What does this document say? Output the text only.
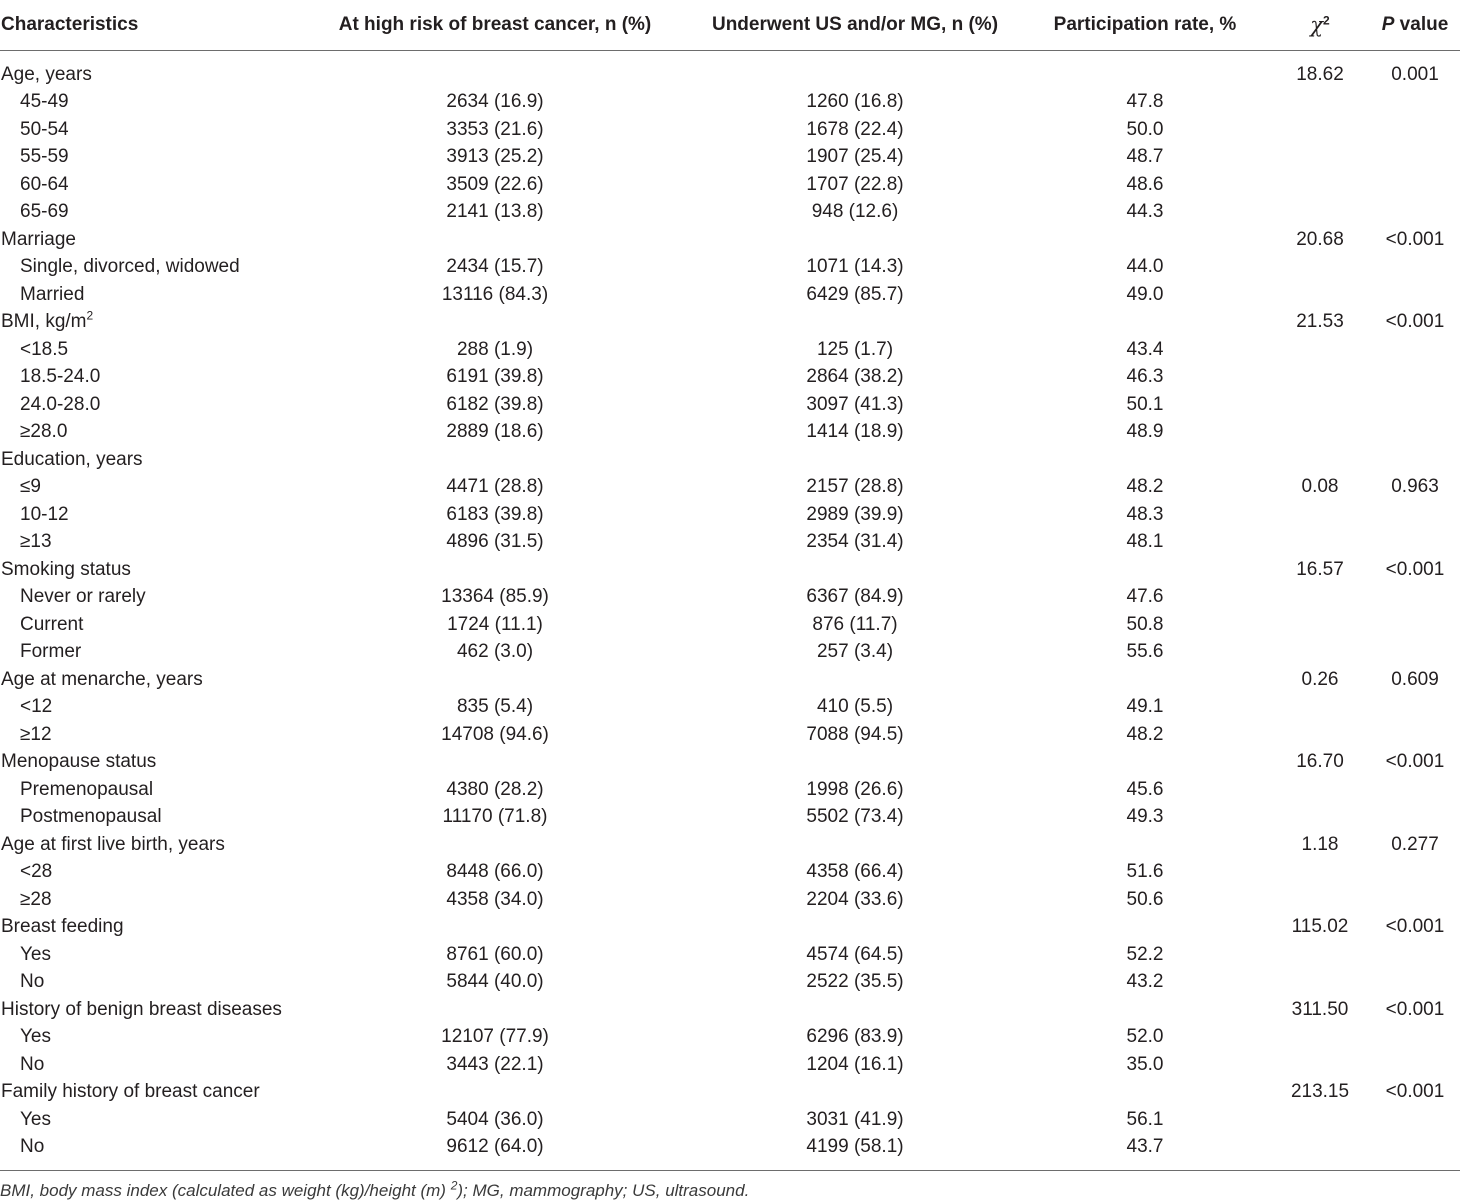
Characteristics	At high risk of breast cancer, n (%)	Underwent US and/or MG, n (%)	Participation rate, %	$\chi^2$	P value
Age, years				18.62	0.001
45-49	2634 (16.9)	1260 (16.8)	47.8		
50-54	3353 (21.6)	1678 (22.4)	50.0		
55-59	3913 (25.2)	1907 (25.4)	48.7		
60-64	3509 (22.6)	1707 (22.8)	48.6		
65-69	2141 (13.8)	948 (12.6)	44.3		
Marriage				20.68	<0.001
Single, divorced, widowed	2434 (15.7)	1071 (14.3)	44.0		
Married	13116 (84.3)	6429 (85.7)	49.0		
BMI, $kg/m^2$				21.53	<0.001
<18.5	288 (1.9)	125 (1.7)	43.4		
18.5-24.0	6191 (39.8)	2864 (38.2)	46.3		
24.0-28.0	6182 (39.8)	3097 (41.3)	50.1		
≥28.0	2889 (18.6)	1414 (18.9)	48.9		
Education, years					
≤9	4471 (28.8)	2157 (28.8)	48.2	0.08	0.963
10-12	6183 (39.8)	2989 (39.9)	48.3		
≥13	4896 (31.5)	2354 (31.4)	48.1		
Smoking status				16.57	<0.001
Never or rarely	13364 (85.9)	6367 (84.9)	47.6		
Current	1724 (11.1)	876 (11.7)	50.8		
Former	462 (3.0)	257 (3.4)	55.6		
Age at menarche, years				0.26	0.609
<12	835 (5.4)	410 (5.5)	49.1		
≥12	14708 (94.6)	7088 (94.5)	48.2		
Menopause status				16.70	<0.001
Premenopausal	4380 (28.2)	1998 (26.6)	45.6		
Postmenopausal	11170 (71.8)	5502 (73.4)	49.3		
Age at first live birth, years				1.18	0.277
<28	8448 (66.0)	4358 (66.4)	51.6		
≥28	4358 (34.0)	2204 (33.6)	50.6		
Breast feeding				115.02	<0.001
Yes	8761 (60.0)	4574 (64.5)	52.2		
No	5844 (40.0)	2522 (35.5)	43.2		
History of benign breast diseases				311.50	<0.001
Yes	12107 (77.9)	6296 (83.9)	52.0		
No	3443 (22.1)	1204 (16.1)	35.0		
Family history of breast cancer				213.15	<0.001
Yes	5404 (36.0)	3031 (41.9)	56.1		
No	9612 (64.0)	4199 (58.1)	43.7		
BMI, body mass index (calculated as weight (kg)/height (m) $^2$); MG, mammography; US, ultrasound.
